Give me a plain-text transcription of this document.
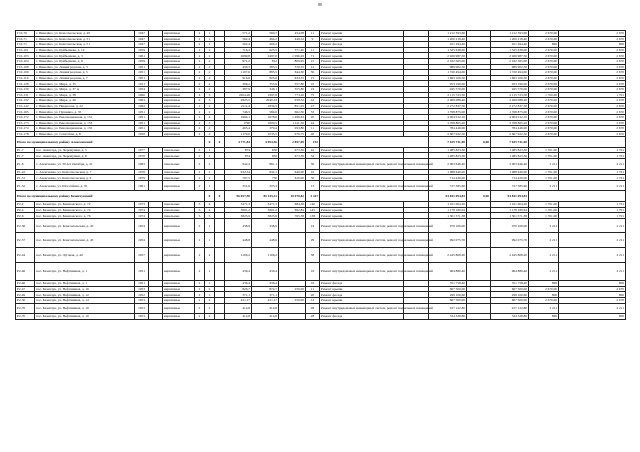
80
Г10-70	г. Пикалёво, ул. Комсомольская, д. 49	1947		кирпичные	2	1		571,2	560,7	454,08	11	Ремонт крыши		1 212 393,60		1 212 393,60	2 670,00	2 670
Г10-71	г. Пикалёво, ул. Комсомольская, д. 51	1947		кирпичные	2	1		562,4	494,2	449,52	9	Ремонт крыши		1 200 218,40		1 200 218,40	2 670,00	2 670
Г10-71	г. Пикалёво, ул. Комсомольская, д. 51	1947		кирпичные	2	1		562,4	494,2			Ремонт фасада		451 294,40		451 294,40	806	806
Г10-101	г. Пикалёво, ул. Куйбышева, д. 12	1959		кирпичные	2	2		716,3	623,5	571,40	11	Ремонт крыши		1 525 638,00		1 525 638,00	2 670,00	2 670
Г10-103	г. Пикалёво, ул. Куйбышева, д. 3	1961		кирпичные	2	2		2699,8	2497,0	1 096,29	71	Ремонт крыши		2 926 987,50		2 926 987,50	2 670,00	2 670
Г10-104	г. Пикалёво, ул. Куйбышева, д. 8	1959		кирпичные	2	2		971,2	812	809,95	15	Ремонт крыши		2 162 565,00		2 162 565,00	2 670,00	2 670
Г10-108	г. Пикалёво, ул. Ленинградская, д. 3	1951		кирпичные	2	2		430,3	385,5	370,55	12	Ремонт крыши		989 902,50		989 902,50	2 670,00	2 670
Г10-109	г. Пикалёво, ул. Ленинградская, д. 5	1951		кирпичные	2	2		1107,6	883,5	644,30	30	Ремонт крыши		1 720 494,00		1 720 494,00	2 670,00	2 670
Г10-110	г. Пикалёво, ул. Ленинградская, д. 7	1951		кирпичные	2	2		916,6	823,6	634,35	15	Ремонт крыши		1 693 106,50		1 693 106,50	2 670,00	2 670
Г10-128	г. Пикалёво, ул. Мира, д. 35	1951		кирпичные	2	2		396,2	353,9	357,80	10	Ремонт крыши		953 190,00		953 190,00	2 670,00	2 670
Г10-130	г. Пикалёво, ул. Мира, д. 37 А	1954		кирпичные	2	2		387,9	346,1	355,80	24	Ремонт крыши		945 570,00		945 570,00	2 670,00	2 670
Г10-131	г. Пикалёво, ул. Мира, д. 38	1966		кирпичные	4	3		2204,26	1997,9	773,20	75	Ремонт крыши		2 115 723,50		2 115 723,50	1 700,00	1 701
Г10-132	г. Пикалёво, ул. Мира, д. 40	1963		кирпичные	4	3		2823,5	2040,33	939,32	42	Ремонт крыши		2 469 088,40		2 469 088,40	2 670,00	2 670
Г10-142	г. Пикалёво, ул. Некрасова, д. 22	1962		кирпичные	2	2		2111,4	1834,5	851,25	47	Ремонт крыши		2 272 837,50		2 272 837,50	2 670,00	2 670
Г10-165	г. Пикалёво, ул. Пушкина, д. 35	1951		кирпичные	2	2		746,5	584,6	662,50	33	Ремонт крыши		1 768 875,00		1 768 875,00	2 670,00	2 670
Г10-172	г. Пикалёво, ул. Революционная, д. 151	1951		кирпичные	2	4		1964,1	1678,0	1 499,63	20	Ремонт крыши		4 004 012,10		4 004 012,10	2 670,00	2 670
Г10-173	г. Пикалёво, ул. Революционная, д. 153	1951		кирпичные	2	3		1790	1609,5	1 411,56	44	Ремонт крыши		3 768 865,20		3 768 865,20	2 670,00	2 670
Г10-174	г. Пикалёво, ул. Революционная, д. 155	1951		кирпичные	2	2		465,4	379,4	293,80	11	Ремонт крыши		784 446,00		784 446,00	2 670,00	2 670
Г10-178	г. Пикалёво, ул. Советская, д. 8	1950		кирпичные	2	2		1179,0	1033,5	976,75	40	Ремонт крыши		2 607 922,50		2 607 922,50	2 670,00	2 670
Итого по муниципальному району Алексеевский:						0	0	4 771,84	4 094,56	2 857,09	192			7 635 741,00	0,00	7 635 741,00		
Р1-7	пос. Авангард, ул. Черемушки, д. 5	1977		панельные	2	1		874	650	673,30	42	Ремонт крыши		1 485 823,30		1 485 823,30	1 701,00	1 701
Р1-7	пос. Авангард, ул. Черемушки, д. 6	1976		панельные	2	1		874	650	673,30	32	Ремонт крыши		1 485 823,30		1 485 823,30	1 701,00	1 701
Р1-6	с. Алексеевка, ул. 30 лет Октября, д. 21	1983		панельные	2	2		942,4	881,1		30	Ремонт внутридомовых инженерных систем, ремонт подвальных помещений		2 003 646,40		2 003 646,40	2 211	2 211
Р1-22	с. Алексеевка, ул. Комсомольская, д. 7	1976		панельные	2	2		932,34	842,1	640,00	42	Ремонт крыши		1 088 640,00		1 088 640,00	1 701,00	1 701
Р1-31	с. Алексеевка, ул. Комсомольская, д. 9	1979		панельные	2	2		797,5	750	420,00	30	Ремонт крыши		714 420,00		714 420,00	1 701,00	1 701
Р1-52	с. Алексеевка, ул. Шоссейная, д. 35	1961		кирпичные	2	1		351,6	325,3		13	Ремонт внутридомовых инженерных систем, ремонт подвальных помещений		727 385,60		727 385,60	2 211	2 211
Итого по муниципальному району Безенчукский:						0	0	96 657,50	85 145,31	10 070,82	3 417			94 841 094,83	0,00	94 841 094,83		
Р2-2	пос. Безенчук, ул. Бакановского, д. 72	1973		панельные	5	4		3471,3	3471,3	684,30	140	Ремонт крыши		1 161 004,20		1 161 004,20	1 701,00	1 701
Р2-4	пос. Безенчук, ул. Бакановского, д. 74	1974		панельные	5	4		3661,2	3661,2	692,84	145	Ремонт крыши		1 178 180,64		1 178 180,64	1 701,00	1 701
Р2-6	пос. Безенчук, ул. Бакановского, д. 76	1974		панельные	5	5		3825,9	3825,9	765,38	138	Ремонт крыши		1 301 571,38		1 301 571,38	1 701,00	1 701
Р2-36	пос. Безенчук, ул. Комсомольская, д. 43	1954		кирпичные	2	1		438,9	438,9		24	Ремонт внутридомовых инженерных систем, ремонт подвальных помещений		970 106,00		970 106,00	2 211	2 211
Р2-37	пос. Безенчук, ул. Комсомольская, д. 45	1954		кирпичные	2	1		448,8	448,9		29	Ремонт внутридомовых инженерных систем, ремонт подвальных помещений		992 075,70		992 075,70	2 211	2 211
Р2-44	пос. Безенчук, ул. Луговая, д. 49	1957		кирпичные	2	2		1106,2	1106,2		38	Ремонт внутридомовых инженерных систем, ремонт подвальных помещений		2 445 808,20		2 445 808,20	2 211	2 211
Р2-46	пос. Безенчук, ул. Нефтяников, д. 1	1951		кирпичные	2	1		436,4	436,4		16	Ремонт внутридомовых инженерных систем, ремонт подвальных помещений		964 880,40		964 880,40	2 211	2 211
Р2-46	пос. Безенчук, ул. Нефтяников, д. 1	1951		кирпичные	2	1		436,4	436,4		16	Ремонт фасада		351 758,40		351 758,40	806	806
Р2-47	пос. Безенчук, ул. Нефтяников, д. 10	1953		кирпичные	2	2		826,7	874,7	250,00	11	Ремонт крыши		667 500,00		667 500,00	2 670,00	2 670
Р2-49	пос. Безенчук, ул. Нефтяников, д. 12	1952		кирпичные	2	1		371,1	371,1		20	Ремонт фасада		299 106,60		299 106,60	806	806
Р2-50	пос. Безенчук, ул. Нефтяников, д. 14	1953		кирпичные	2	2		421,17	421,17	250,00	12	Ремонт крыши		667 500,00		667 500,00	2 670,00	2 670
Р2-70	пос. Безенчук, ул. Нефтяников, д. 19	1953		кирпичные	2	2		414,8	414,8		28	Ремонт внутридомовых инженерных систем, ремонт подвальных помещений		917 122,80		917 122,80	2 211	2 211
Р2-70	пос. Безенчук, ул. Нефтяников, д. 19	1953		кирпичные	2	2		414,8	414,8		28	Ремонт фасада		334 328,80		334 328,80	806	806
